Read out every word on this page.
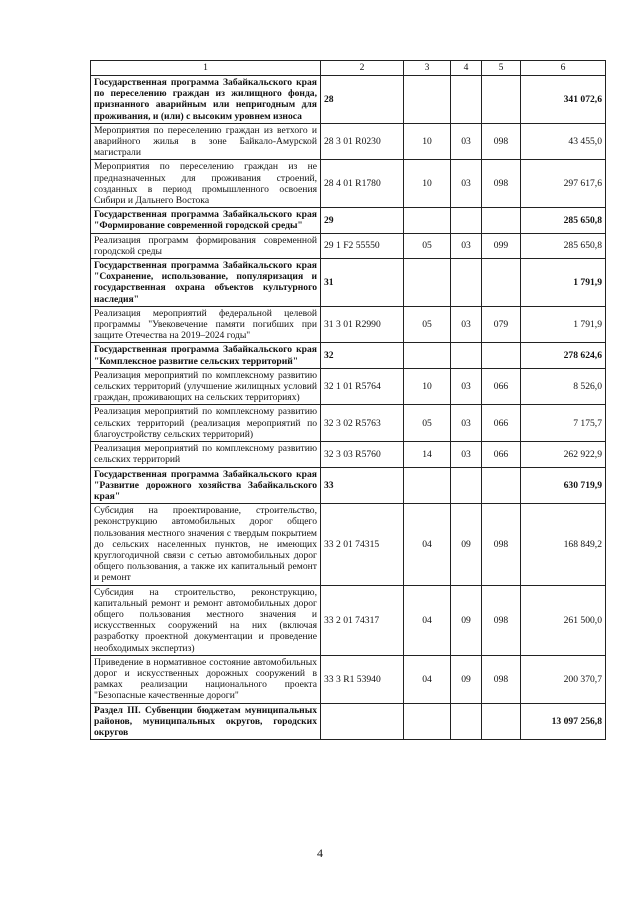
1	2	3	4	5	6
Государственная программа Забайкальского края по переселению граждан из жилищного фонда, признанного аварийным или непригодным для проживания, и (или) с высоким уровнем износа	28				341 072,6
Мероприятия по переселению граждан из ветхого и аварийного жилья в зоне Байкало-Амурской магистрали	28 3 01 R0230	10	03	098	43 455,0
Мероприятия по переселению граждан из не предназначенных для проживания строений, созданных в период промышленного освоения Сибири и Дальнего Востока	28 4 01 R1780	10	03	098	297 617,6
Государственная программа Забайкальского края "Формирование современной городской среды"	29				285 650,8
Реализация программ формирования современной городской среды	29 1 F2 55550	05	03	099	285 650,8
Государственная программа Забайкальского края "Сохранение, использование, популяризация и государственная охрана объектов культурного наследия"	31				1 791,9
Реализация мероприятий федеральной целевой программы "Увековечение памяти погибших при защите Отечества на 2019–2024 годы"	31 3 01 R2990	05	03	079	1 791,9
Государственная программа Забайкальского края "Комплексное развитие сельских территорий"	32				278 624,6
Реализация мероприятий по комплексному развитию сельских территорий (улучшение жилищных условий граждан, проживающих на сельских территориях)	32 1 01 R5764	10	03	066	8 526,0
Реализация мероприятий по комплексному развитию сельских территорий (реализация мероприятий по благоустройству сельских территорий)	32 3 02 R5763	05	03	066	7 175,7
Реализация мероприятий по комплексному развитию сельских территорий	32 3 03 R5760	14	03	066	262 922,9
Государственная программа Забайкальского края "Развитие дорожного хозяйства Забайкальского края"	33				630 719,9
Субсидия на проектирование, строительство, реконструкцию автомобильных дорог общего пользования местного значения с твердым покрытием до сельских населенных пунктов, не имеющих круглогодичной связи с сетью автомобильных дорог общего пользования, а также их капитальный ремонт и ремонт	33 2 01 74315	04	09	098	168 849,2
Субсидия на строительство, реконструкцию, капитальный ремонт и ремонт автомобильных дорог общего пользования местного значения и искусственных сооружений на них (включая разработку проектной документации и проведение необходимых экспертиз)	33 2 01 74317	04	09	098	261 500,0
Приведение в нормативное состояние автомобильных дорог и искусственных дорожных сооружений в рамках реализации национального проекта "Безопасные качественные дороги"	33 3 R1 53940	04	09	098	200 370,7
Раздел III. Субвенции бюджетам муниципальных районов, муниципальных округов, городских округов					13 097 256,8
4
